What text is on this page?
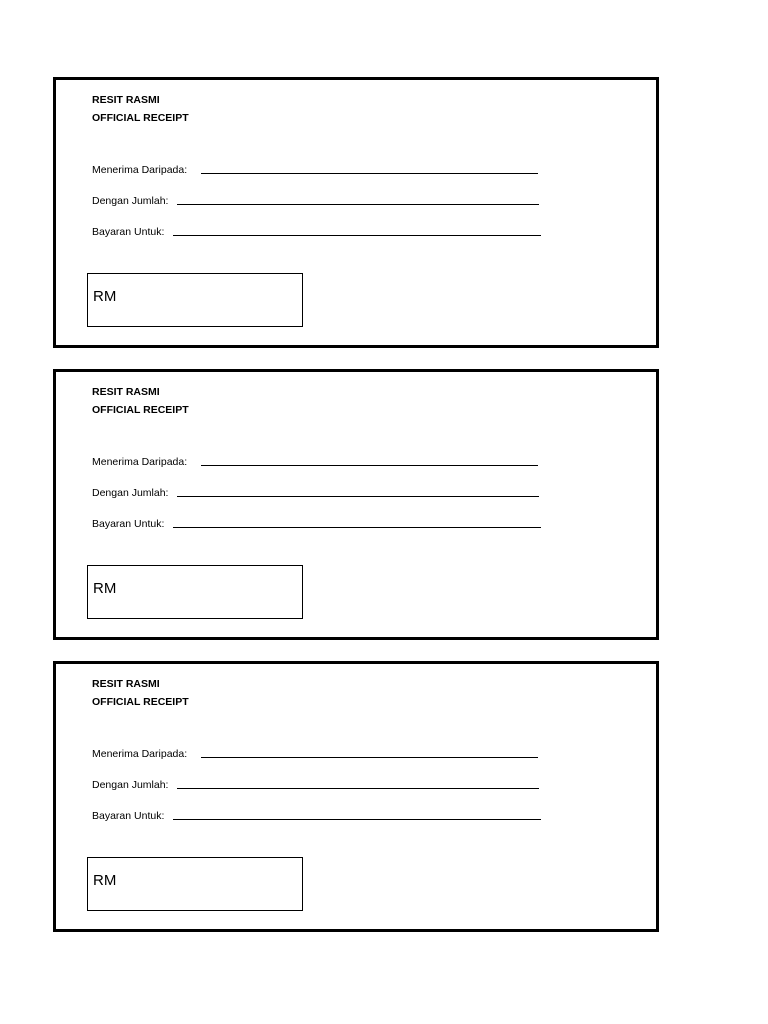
RESIT RASMI
OFFICIAL RECEIPT
Menerima Daripada:
Dengan Jumlah:
Bayaran Untuk:
RM
RESIT RASMI
OFFICIAL RECEIPT
Menerima Daripada:
Dengan Jumlah:
Bayaran Untuk:
RM
RESIT RASMI
OFFICIAL RECEIPT
Menerima Daripada:
Dengan Jumlah:
Bayaran Untuk:
RM
